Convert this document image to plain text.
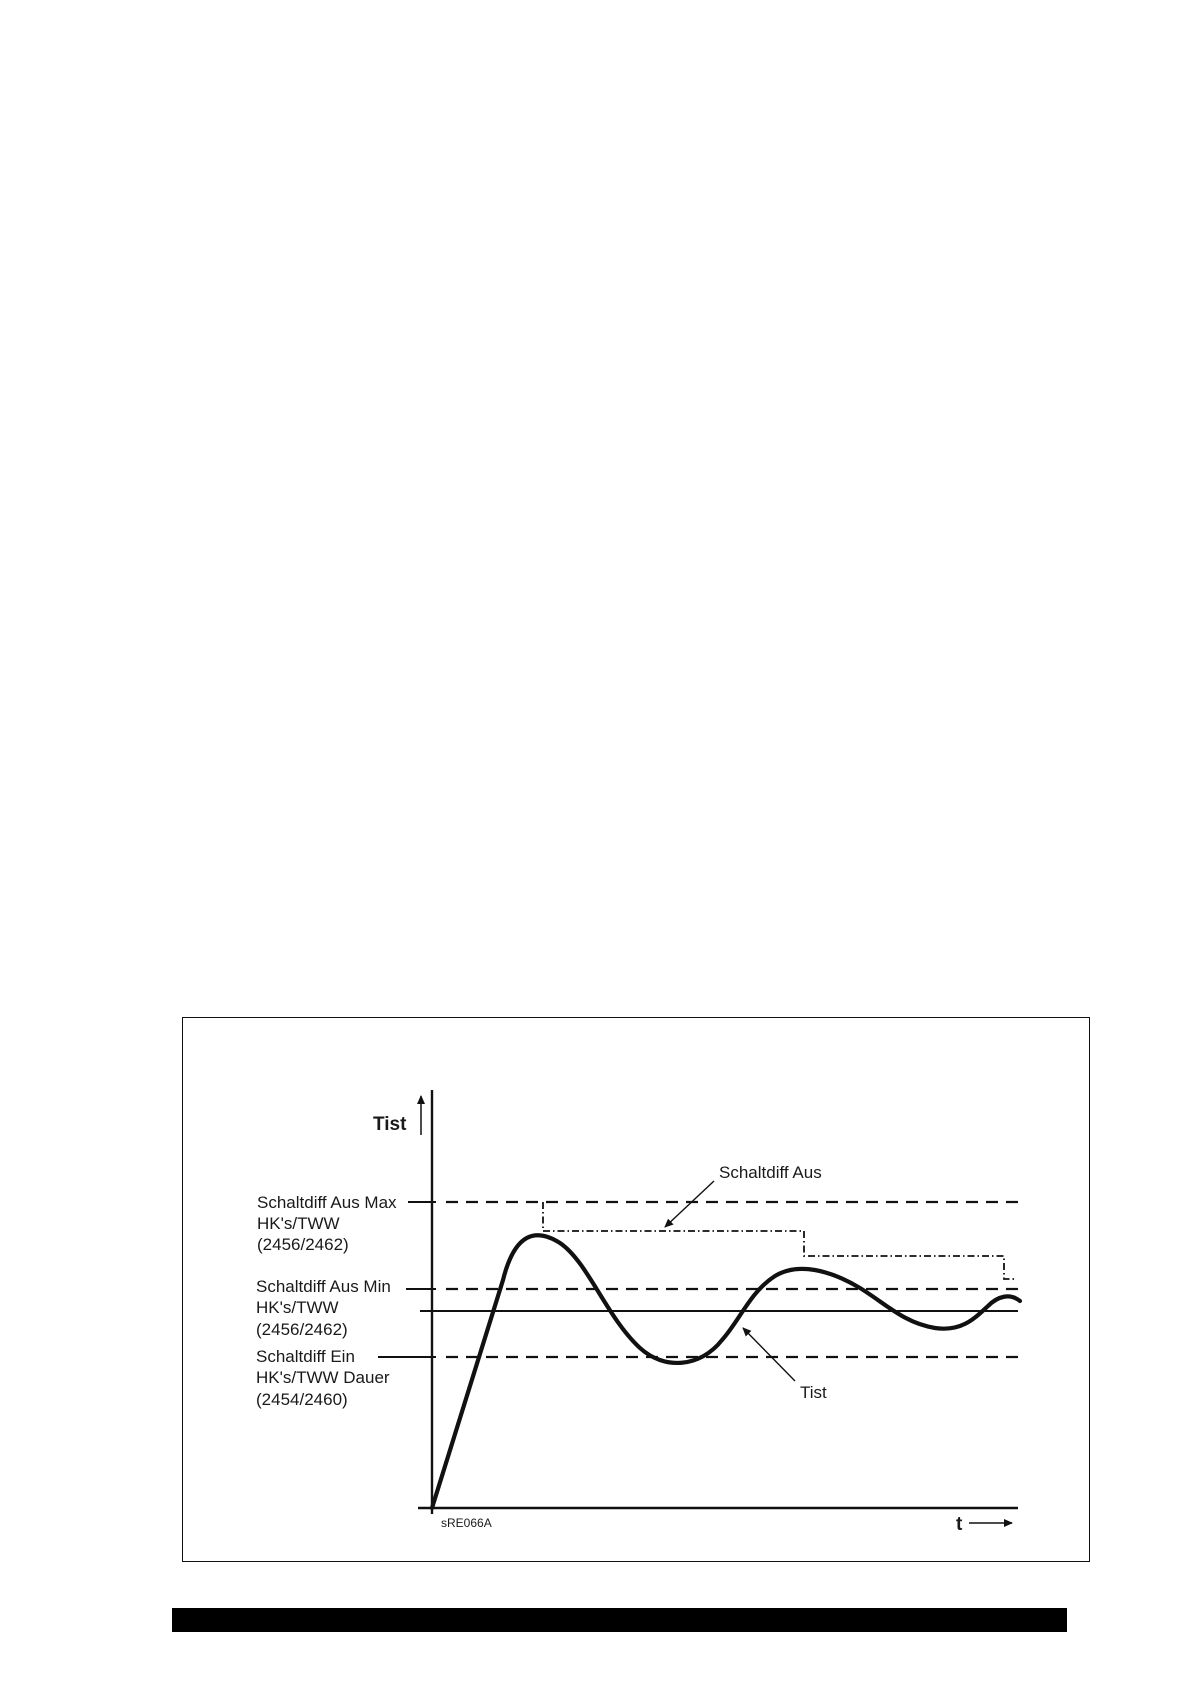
Tist
t
sRE066A
Schaltdiff Aus Max
HK's/TWW
(2456/2462)
Schaltdiff Aus Min
HK's/TWW
(2456/2462)
Schaltdiff Ein
HK's/TWW Dauer
(2454/2460)
Schaltdiff Aus
Tist
